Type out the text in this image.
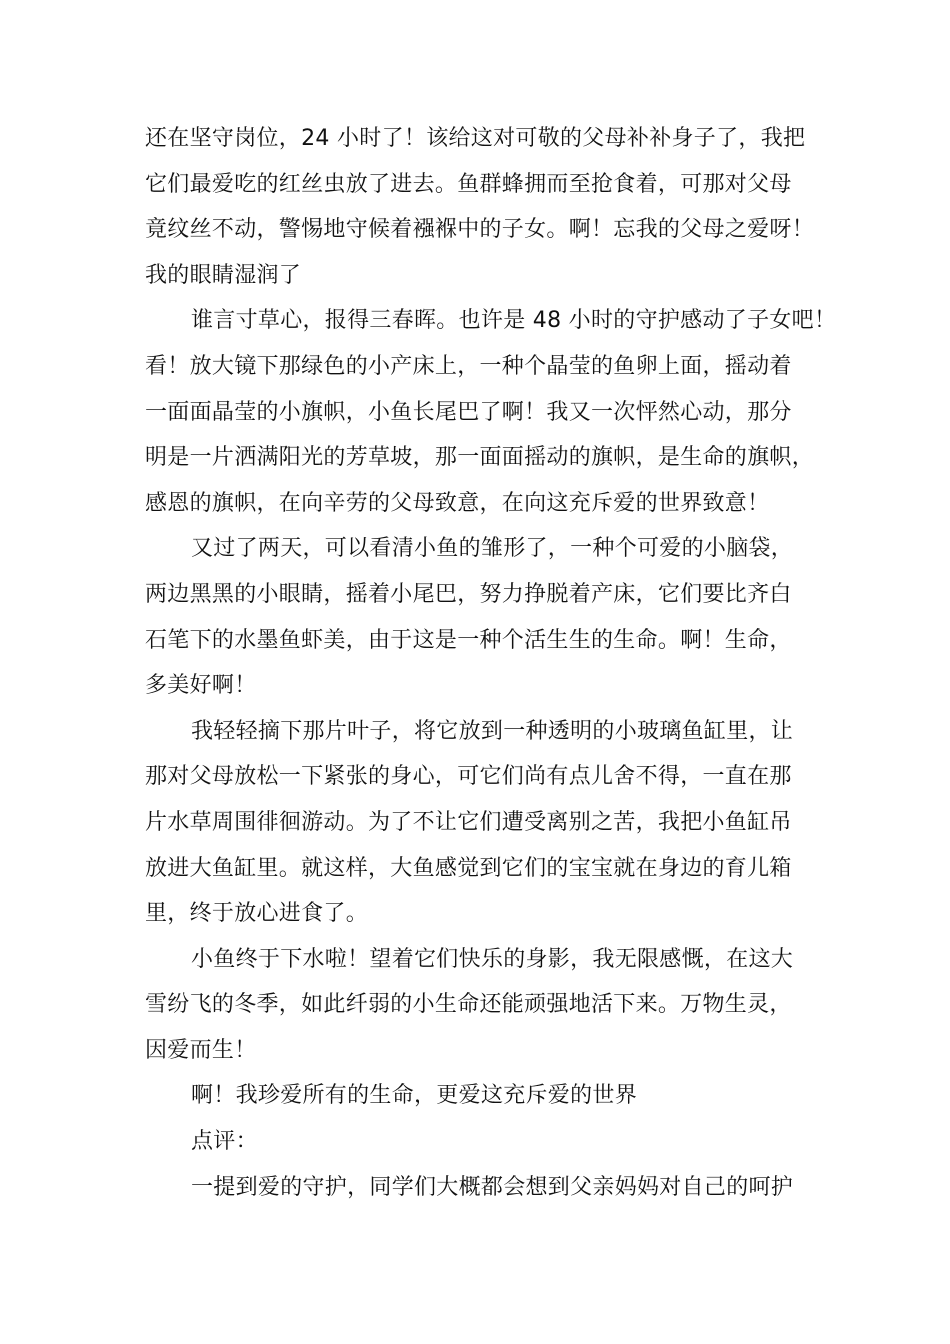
还在坚守岗位，24 小时了！该给这对可敬的父母补补身子了，我把
它们最爱吃的红丝虫放了进去。鱼群蜂拥而至抢食着，可那对父母
竟纹丝不动，警惕地守候着襁褓中的子女。啊！忘我的父母之爱呀！
我的眼睛湿润了
谁言寸草心，报得三春晖。也许是 48 小时的守护感动了子女吧！
看！放大镜下那绿色的小产床上，一种个晶莹的鱼卵上面，摇动着
一面面晶莹的小旗帜，小鱼长尾巴了啊！我又一次怦然心动，那分
明是一片洒满阳光的芳草坡，那一面面摇动的旗帜，是生命的旗帜，
感恩的旗帜，在向辛劳的父母致意，在向这充斥爱的世界致意！
又过了两天，可以看清小鱼的雏形了，一种个可爱的小脑袋，
两边黑黑的小眼睛，摇着小尾巴，努力挣脱着产床，它们要比齐白
石笔下的水墨鱼虾美，由于这是一种个活生生的生命。啊！生命，
多美好啊！
我轻轻摘下那片叶子，将它放到一种透明的小玻璃鱼缸里，让
那对父母放松一下紧张的身心，可它们尚有点儿舍不得，一直在那
片水草周围徘徊游动。为了不让它们遭受离别之苦，我把小鱼缸吊
放进大鱼缸里。就这样，大鱼感觉到它们的宝宝就在身边的育儿箱
里，终于放心进食了。
小鱼终于下水啦！望着它们快乐的身影，我无限感慨，在这大
雪纷飞的冬季，如此纤弱的小生命还能顽强地活下来。万物生灵，
因爱而生！
啊！我珍爱所有的生命，更爱这充斥爱的世界
点评：
一提到爱的守护，同学们大概都会想到父亲妈妈对自己的呵护
